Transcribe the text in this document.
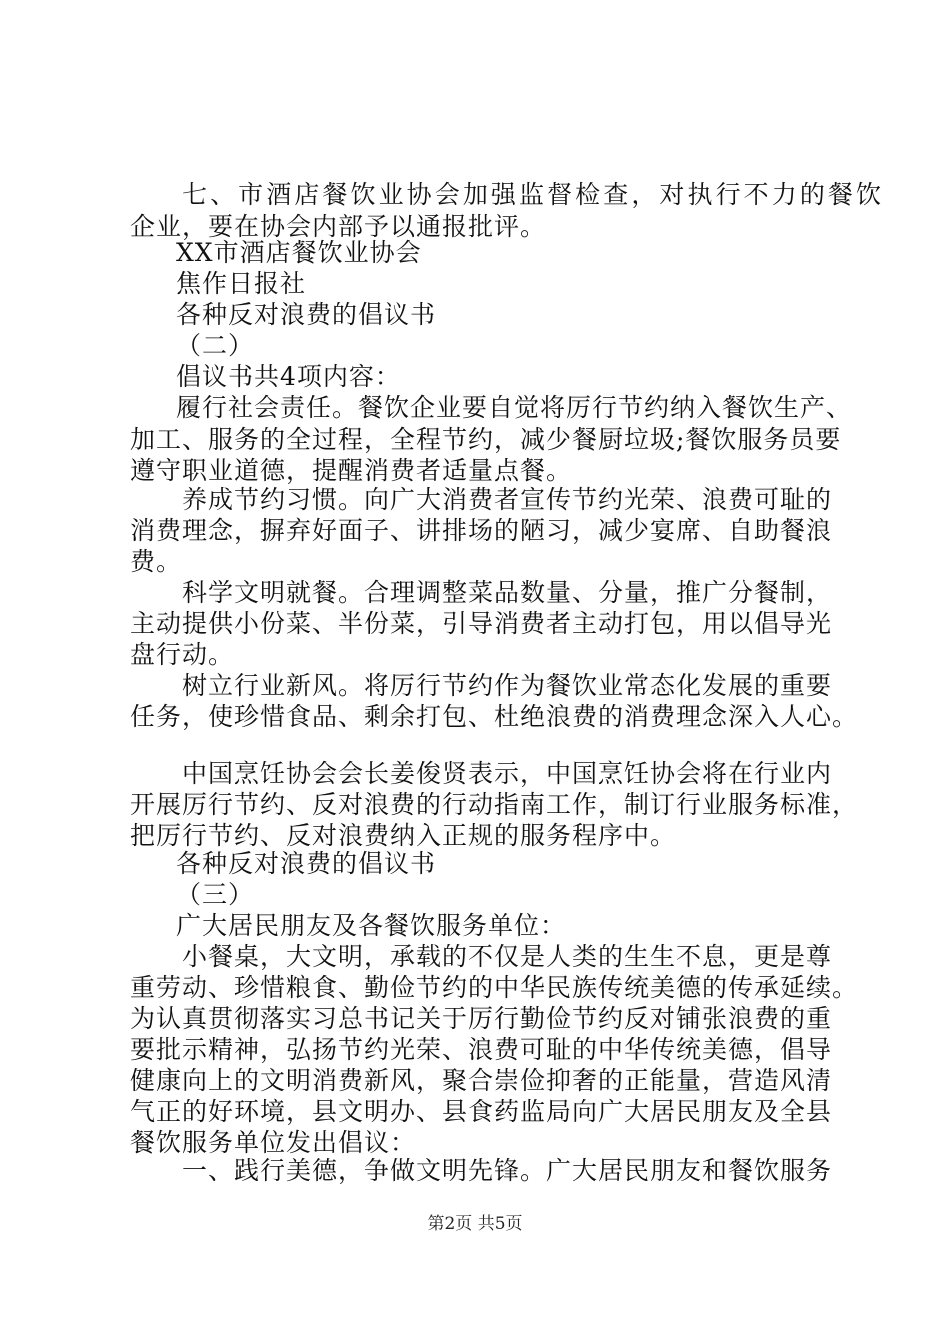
七、市酒店餐饮业协会加强监督检查，对执行不力的餐饮
企业，要在协会内部予以通报批评。
XX市酒店餐饮业协会
焦作日报社
各种反对浪费的倡议书
（二）
倡议书共4项内容：
履行社会责任。餐饮企业要自觉将厉行节约纳入餐饮生产、
加工、服务的全过程，全程节约，减少餐厨垃圾;餐饮服务员要
遵守职业道德，提醒消费者适量点餐。
养成节约习惯。向广大消费者宣传节约光荣、浪费可耻的
消费理念，摒弃好面子、讲排场的陋习，减少宴席、自助餐浪
费。
科学文明就餐。合理调整菜品数量、分量，推广分餐制，
主动提供小份菜、半份菜，引导消费者主动打包，用以倡导光
盘行动。
树立行业新风。将厉行节约作为餐饮业常态化发展的重要
任务，使珍惜食品、剩余打包、杜绝浪费的消费理念深入人心。
中国烹饪协会会长姜俊贤表示，中国烹饪协会将在行业内
开展厉行节约、反对浪费的行动指南工作，制订行业服务标准，
把厉行节约、反对浪费纳入正规的服务程序中。
各种反对浪费的倡议书
（三）
广大居民朋友及各餐饮服务单位：
小餐桌，大文明，承载的不仅是人类的生生不息，更是尊
重劳动、珍惜粮食、勤俭节约的中华民族传统美德的传承延续。
为认真贯彻落实习总书记关于厉行勤俭节约反对铺张浪费的重
要批示精神，弘扬节约光荣、浪费可耻的中华传统美德，倡导
健康向上的文明消费新风，聚合崇俭抑奢的正能量，营造风清
气正的好环境，县文明办、县食药监局向广大居民朋友及全县
餐饮服务单位发出倡议：
一、践行美德，争做文明先锋。广大居民朋友和餐饮服务
第2页 共5页
